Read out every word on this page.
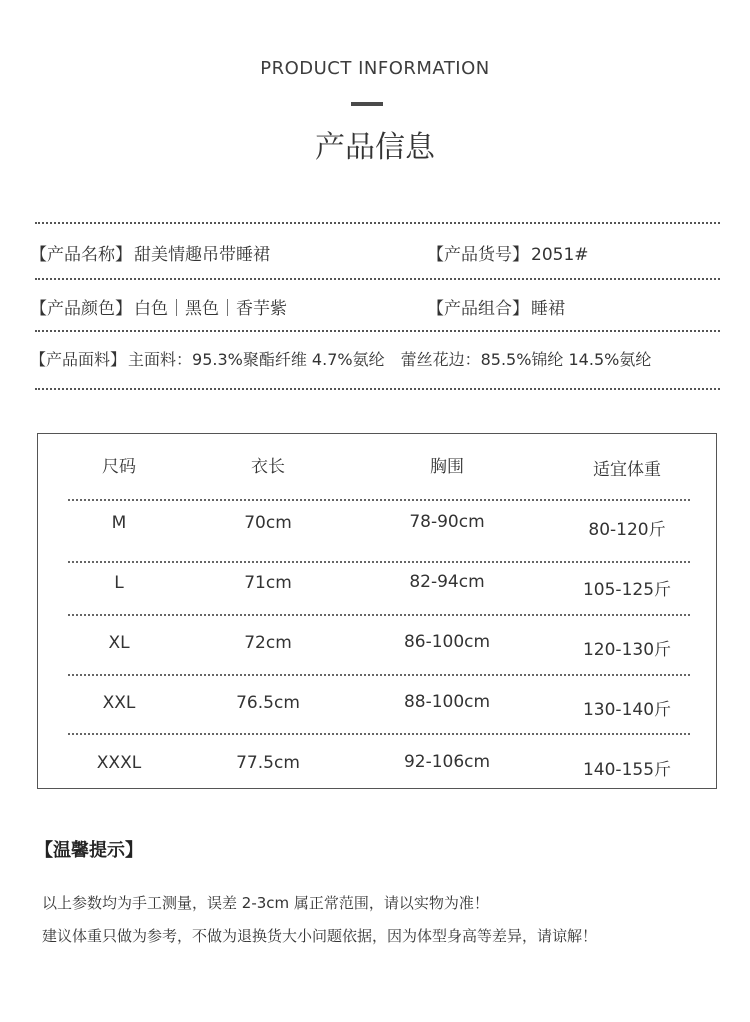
PRODUCT INFORMATION
产品信息
【产品名称】 甜美情趣吊带睡裙	【产品货号】 2051#
【产品颜色】 白色｜黑色｜香芋紫	【产品组合】 睡裙
【产品面料】 主面料：95.3%聚酯纤维 4.7%氨纶　蕾丝花边：85.5%锦纶 14.5%氨纶
尺码	衣长	胸围	适宜体重
M	70cm	78-90cm	80-120斤
L	71cm	82-94cm	105-125斤
XL	72cm	86-100cm	120-130斤
XXL	76.5cm	88-100cm	130-140斤
XXXL	77.5cm	92-106cm	140-155斤
【温馨提示】
以上参数均为手工测量，误差 2-3cm 属正常范围，请以实物为准！
建议体重只做为参考，不做为退换货大小问题依据，因为体型身高等差异，请谅解！
